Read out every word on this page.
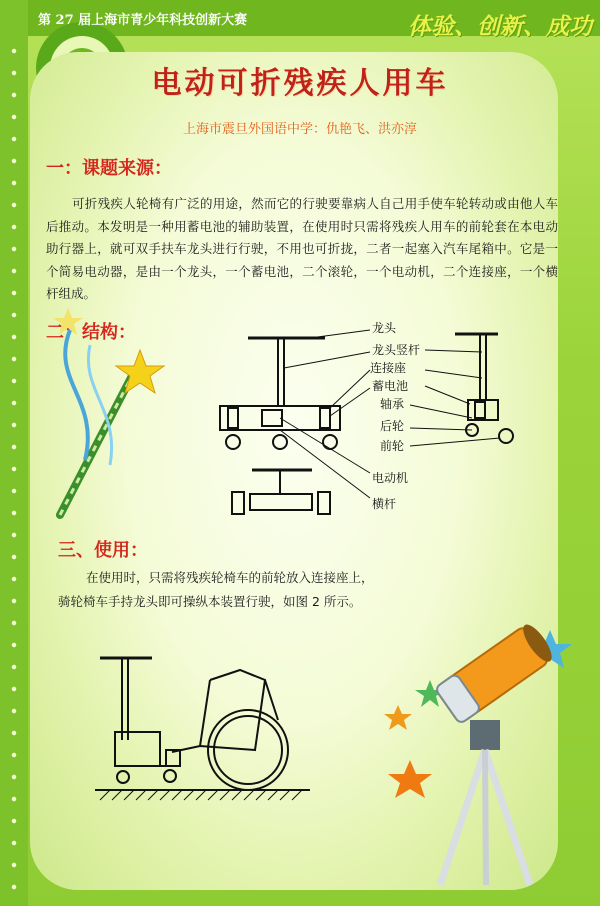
第 27 届上海市青少年科技创新大赛	体验、创新、成功
电动可折残疾人用车
上海市震旦外国语中学：仇艳飞、洪亦淳
一：课题来源：
可折残疾人轮椅有广泛的用途，然而它的行驶要靠病人自己用手使车轮转动或由他人车后推动。本发明是一种用蓄电池的辅助装置，在使用时只需将残疾人用车的前轮套在本电动助行器上，就可双手扶车龙头进行行驶，不用也可折拢，二者一起塞入汽车尾箱中。它是一个简易电动器，是由一个龙头，一个蓄电池，二个滚轮，一个电动机，二个连接座，一个横杆组成。
二：结构：	龙头
龙头竖杆
连接座
蓄电池
轴承
后轮
前轮
电动机
横杆
三、使用：
在使用时，只需将残疾轮椅车的前轮放入连接座上，
骑轮椅车手持龙头即可操纵本装置行驶，如图 2 所示。
